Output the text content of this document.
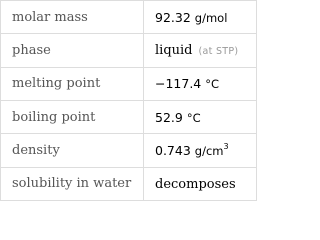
molar mass	92.32 g/mol
phase	liquid (at STP)
melting point	−117.4 °C
boiling point	52.9 °C
density	0.743 $g/cm^3$
solubility in water	decomposes
